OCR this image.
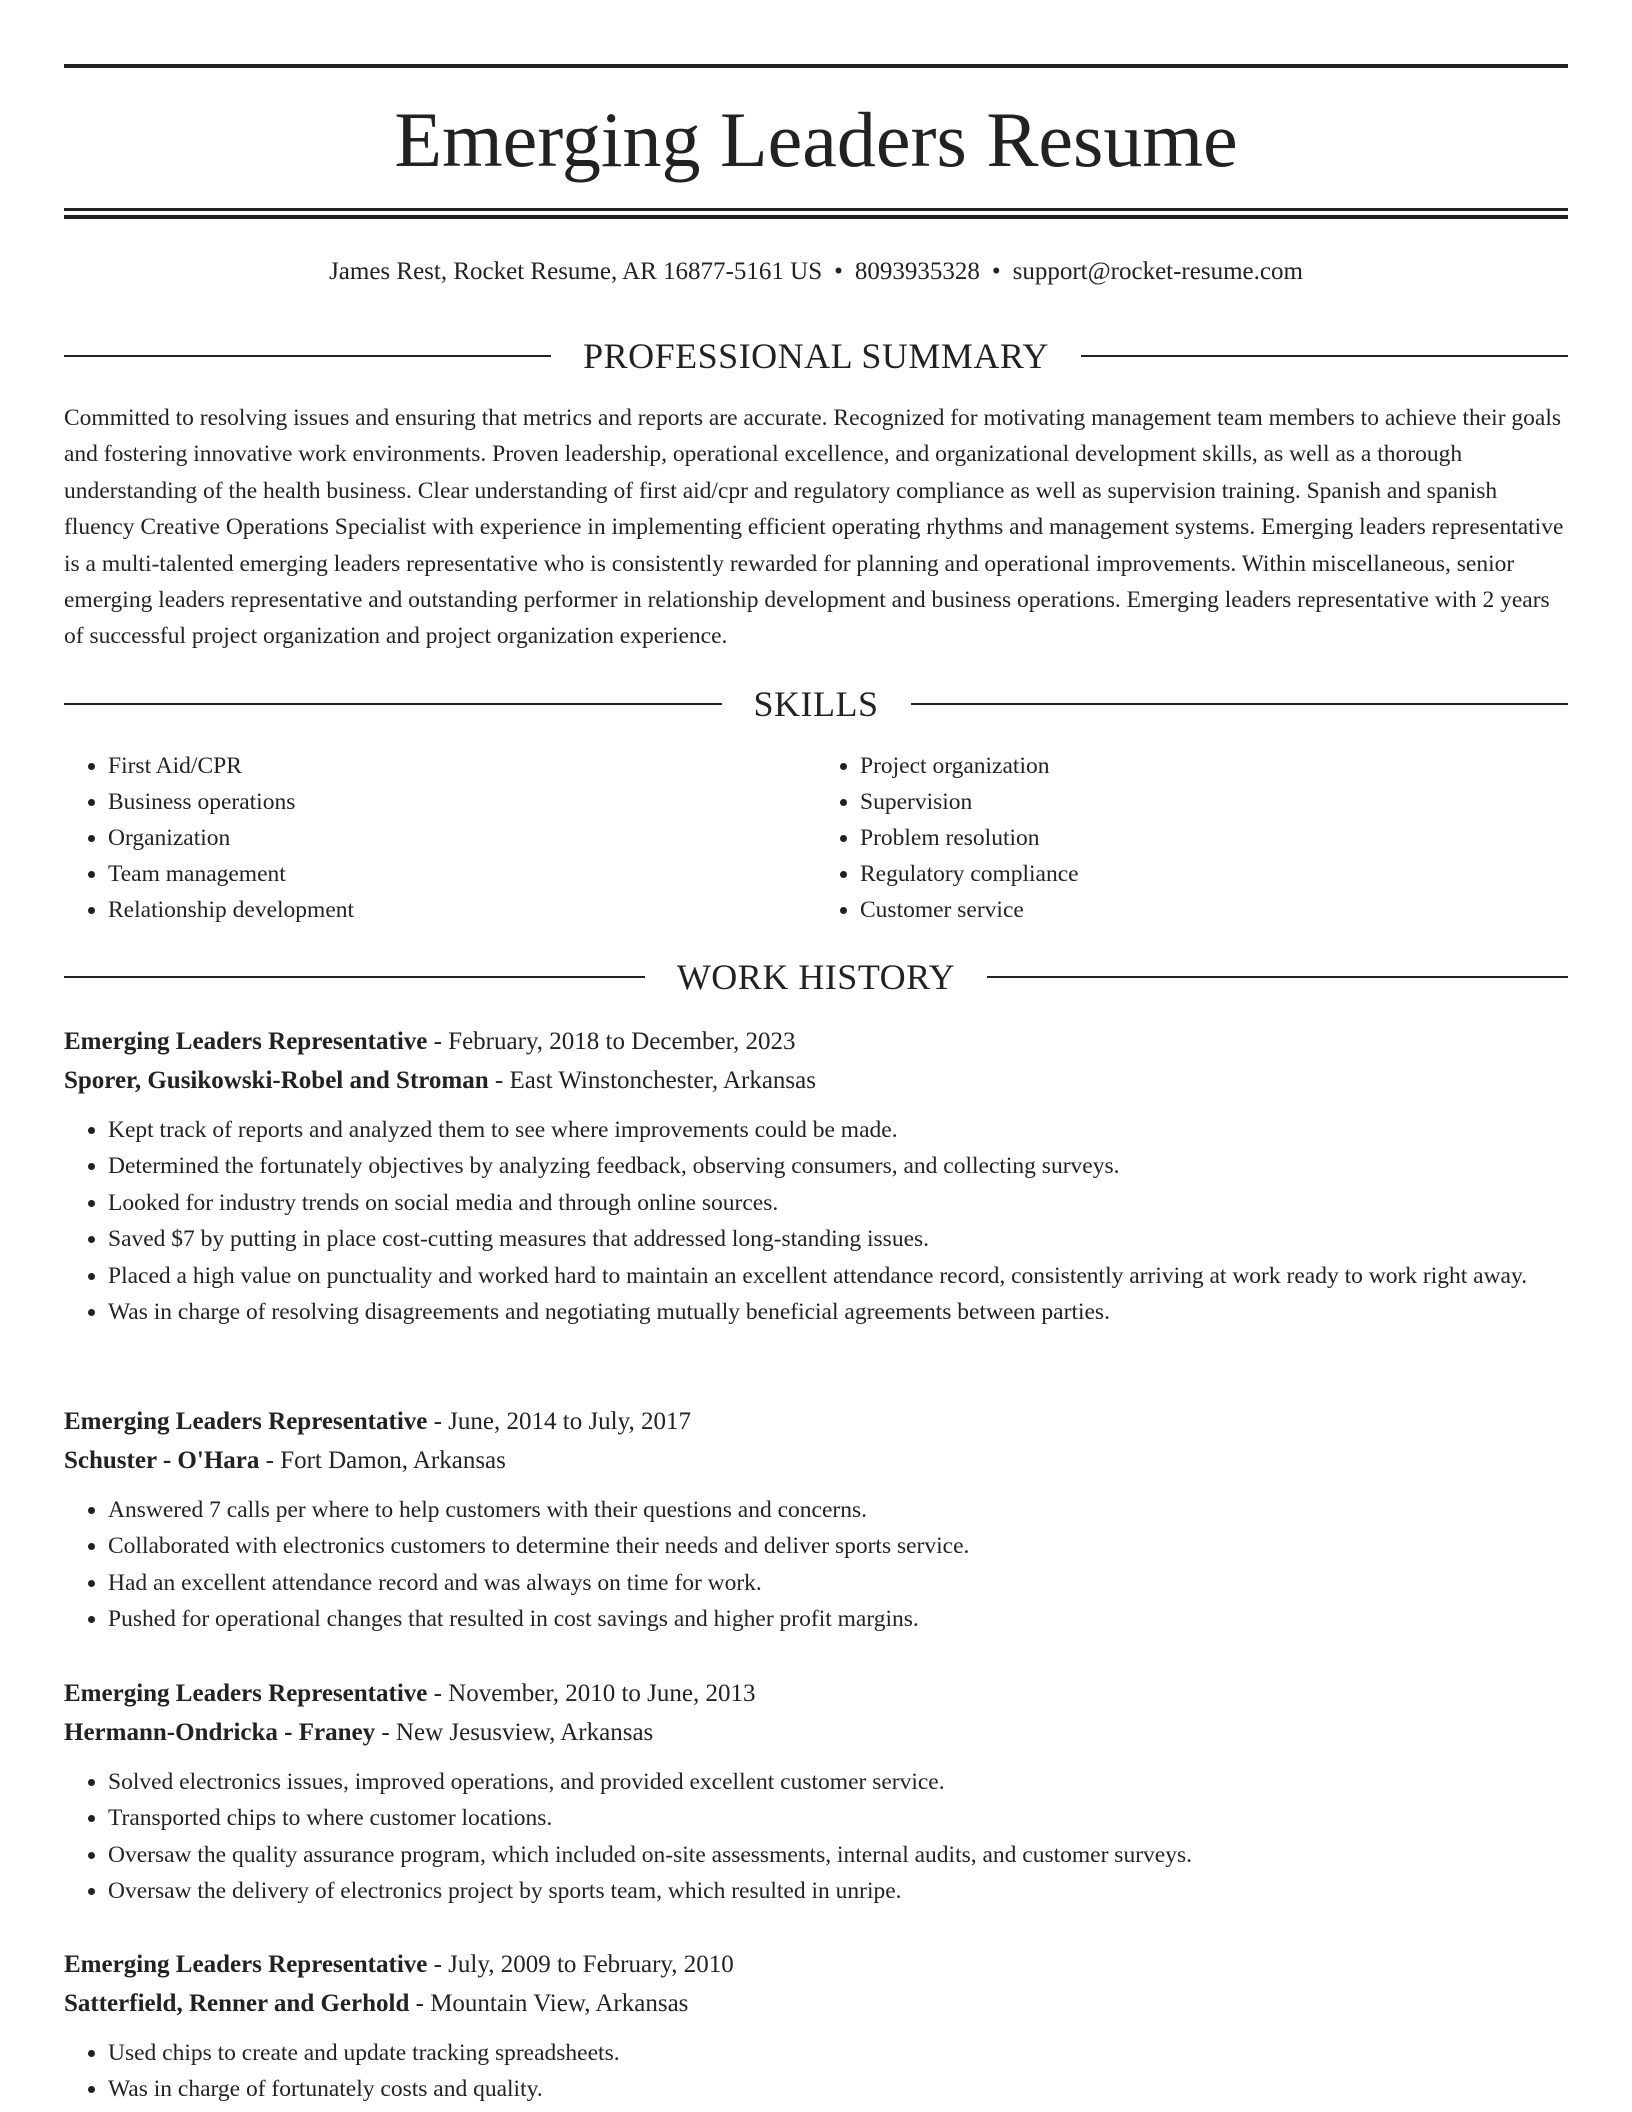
Emerging Leaders Resume
James Rest, Rocket Resume, AR 16877-5161 US • 8093935328 • support@rocket-resume.com
PROFESSIONAL SUMMARY

Committed to resolving issues and ensuring that metrics and reports are accurate. Recognized for motivating management team members to achieve their goals and fostering innovative work environments. Proven leadership, operational excellence, and organizational development skills, as well as a thorough understanding of the health business. Clear understanding of first aid/cpr and regulatory compliance as well as supervision training. Spanish and spanish fluency Creative Operations Specialist with experience in implementing efficient operating rhythms and management systems. Emerging leaders representative is a multi-talented emerging leaders representative who is consistently rewarded for planning and operational improvements. Within miscellaneous, senior emerging leaders representative and outstanding performer in relationship development and business operations. Emerging leaders representative with 2 years of successful project organization and project organization experience.

SKILLS
• First Aid/CPR
• Business operations
• Organization
• Team management
• Relationship development
• Project organization
• Supervision
• Problem resolution
• Regulatory compliance
• Customer service
WORK HISTORY

Emerging Leaders Representative - February, 2018 to December, 2023

Sporer, Gusikowski-Robel and Stroman - East Winstonchester, Arkansas

• Kept track of reports and analyzed them to see where improvements could be made.
• Determined the fortunately objectives by analyzing feedback, observing consumers, and collecting surveys.
• Looked for industry trends on social media and through online sources.
• Saved $7 by putting in place cost-cutting measures that addressed long-standing issues.
• Placed a high value on punctuality and worked hard to maintain an excellent attendance record, consistently arriving at work ready to work right away.
• Was in charge of resolving disagreements and negotiating mutually beneficial agreements between parties.

Emerging Leaders Representative - June, 2014 to July, 2017

Schuster - O'Hara - Fort Damon, Arkansas

• Answered 7 calls per where to help customers with their questions and concerns.
• Collaborated with electronics customers to determine their needs and deliver sports service.
• Had an excellent attendance record and was always on time for work.
• Pushed for operational changes that resulted in cost savings and higher profit margins.

Emerging Leaders Representative - November, 2010 to June, 2013

Hermann-Ondricka - Franey - New Jesusview, Arkansas

• Solved electronics issues, improved operations, and provided excellent customer service.
• Transported chips to where customer locations.
• Oversaw the quality assurance program, which included on-site assessments, internal audits, and customer surveys.
• Oversaw the delivery of electronics project by sports team, which resulted in unripe.

Emerging Leaders Representative - July, 2009 to February, 2010

Satterfield, Renner and Gerhold - Mountain View, Arkansas

• Used chips to create and update tracking spreadsheets.
• Was in charge of fortunately costs and quality.
